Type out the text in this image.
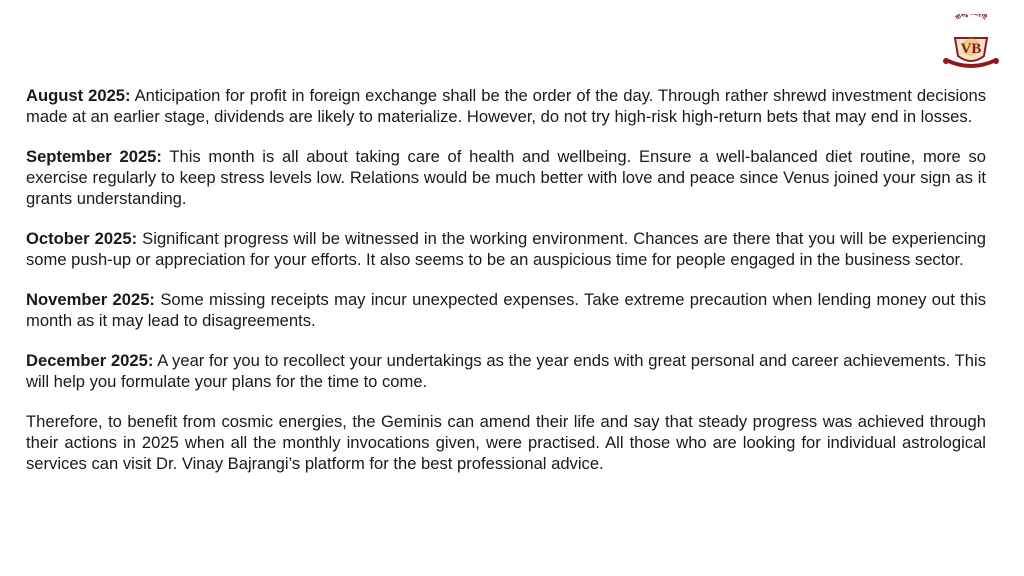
वास्तु रंगी
VB

August 2025: Anticipation for profit in foreign exchange shall be the order of the day. Through rather shrewd investment decisions made at an earlier stage, dividends are likely to materialize. However, do not try high-risk high-return bets that may end in losses.

September 2025: This month is all about taking care of health and wellbeing. Ensure a well-balanced diet routine, more so exercise regularly to keep stress levels low. Relations would be much better with love and peace since Venus joined your sign as it grants understanding.

October 2025: Significant progress will be witnessed in the working environment. Chances are there that you will be experiencing some push-up or appreciation for your efforts. It also seems to be an auspicious time for people engaged in the business sector.

November 2025: Some missing receipts may incur unexpected expenses. Take extreme precaution when lending money out this month as it may lead to disagreements.

December 2025: A year for you to recollect your undertakings as the year ends with great personal and career achievements. This will help you formulate your plans for the time to come.

Therefore, to benefit from cosmic energies, the Geminis can amend their life and say that steady progress was achieved through their actions in 2025 when all the monthly invocations given, were practised. All those who are looking for individual astrological services can visit Dr. Vinay Bajrangi’s platform for the best professional advice.
